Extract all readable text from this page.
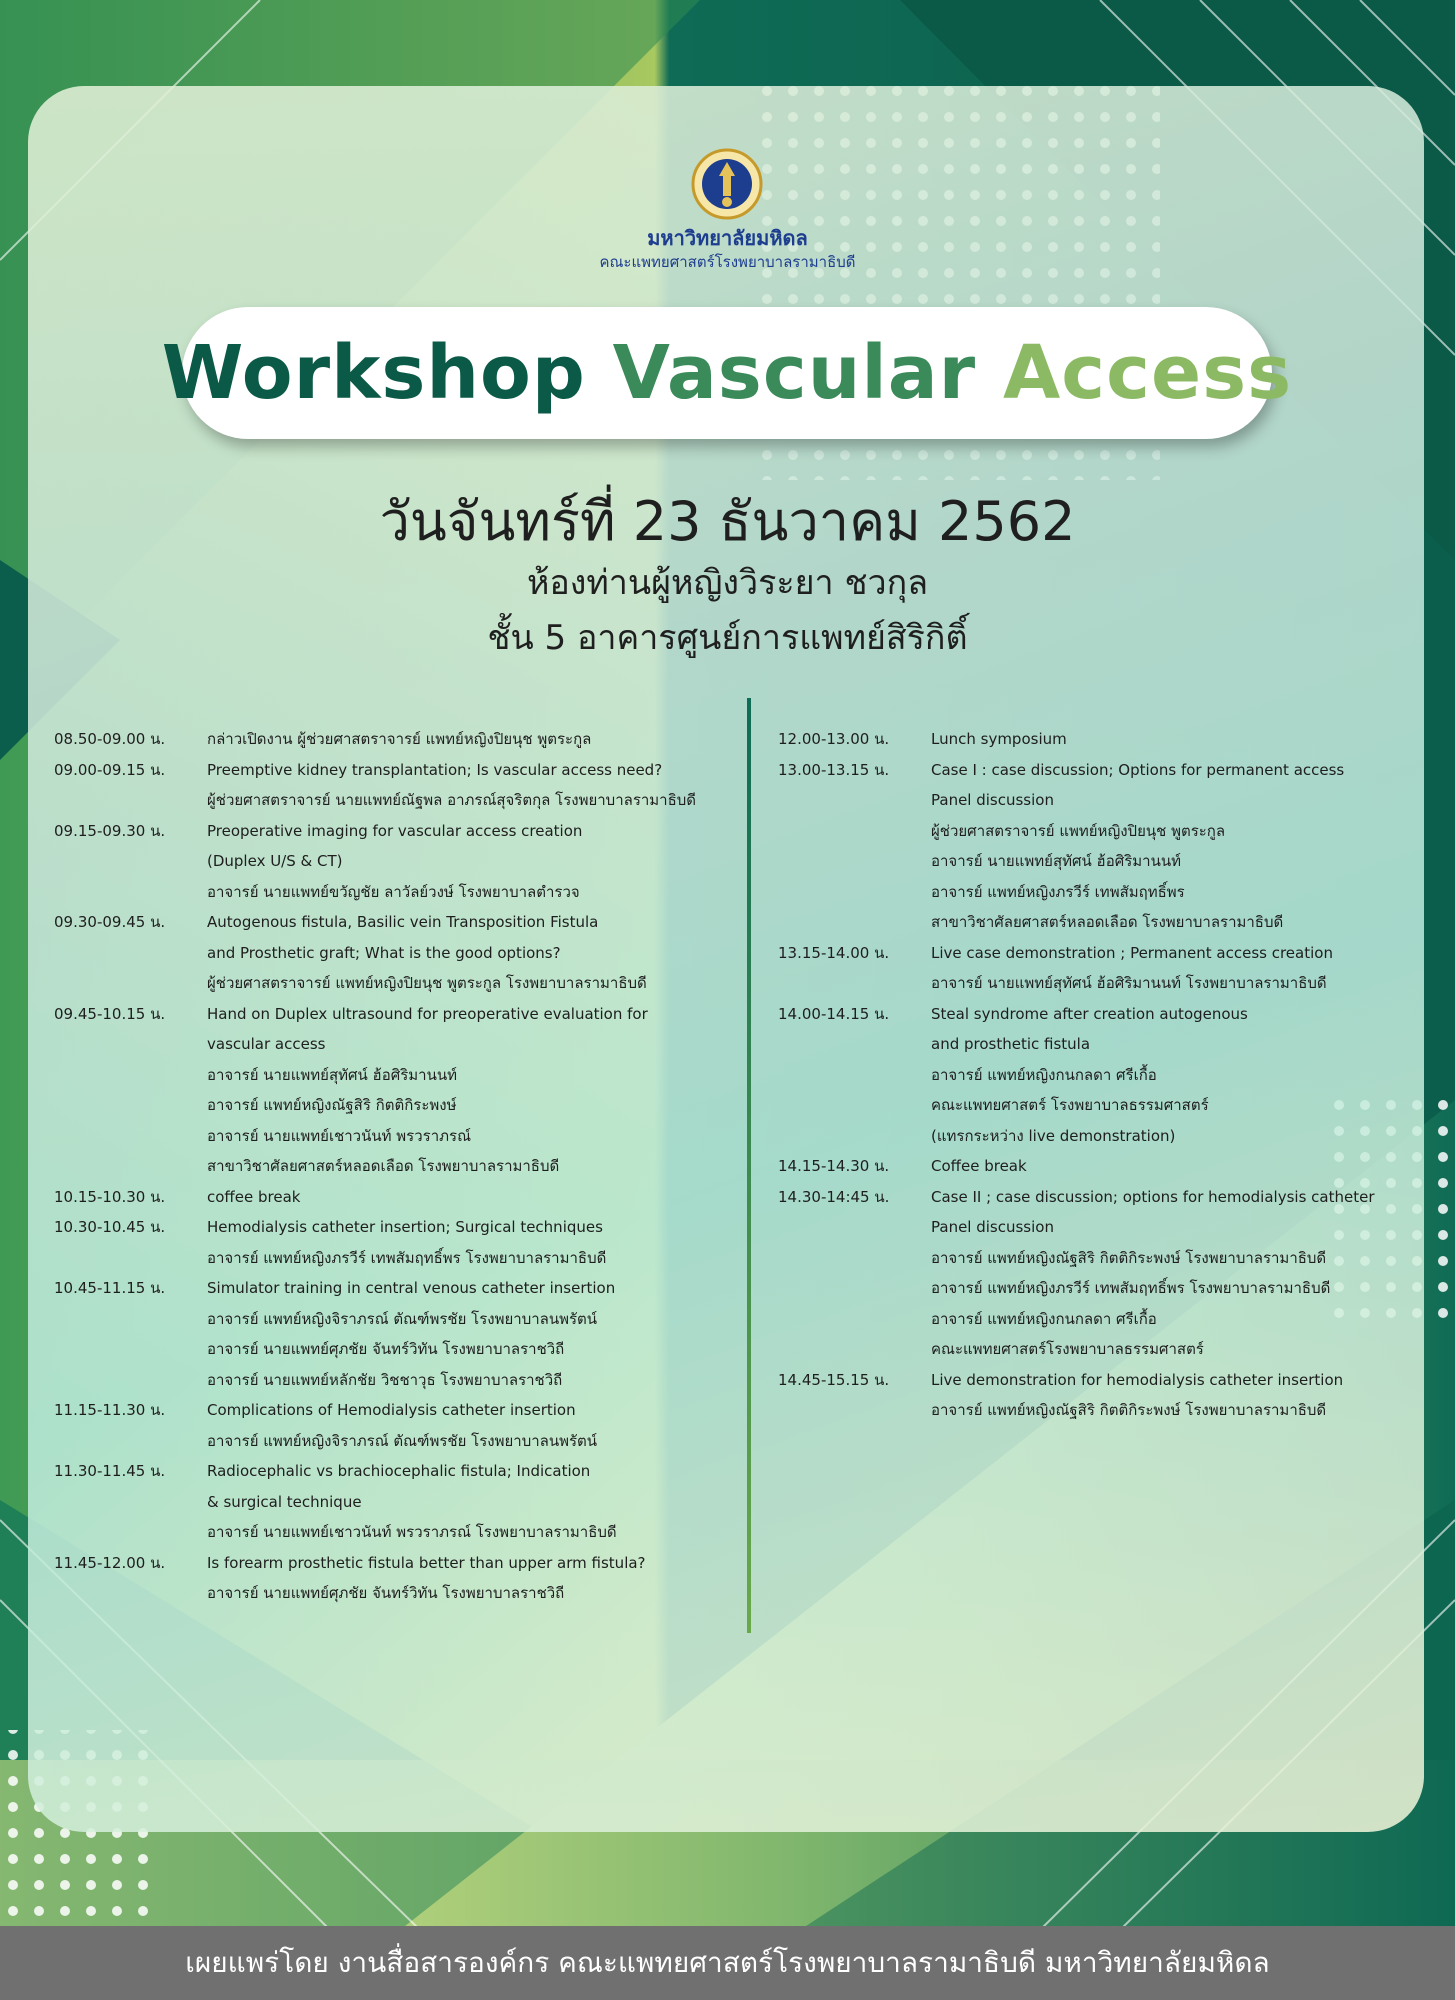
มหาวิทยาลัยมหิดล
คณะแพทยศาสตร์โรงพยาบาลรามาธิบดี
Workshop Vascular Access
วันจันทร์ที่ 23 ธันวาคม 2562
ห้องท่านผู้หญิงวิระยา ชวกุล
ชั้น 5 อาคารศูนย์การแพทย์สิริกิติ์
08.50-09.00 น.	กล่าวเปิดงาน ผู้ช่วยศาสตราจารย์ แพทย์หญิงปิยนุช พูตระกูล
09.00-09.15 น.	Preemptive kidney transplantation; Is vascular access need?
ผู้ช่วยศาสตราจารย์ นายแพทย์ณัฐพล อาภรณ์สุจริตกุล โรงพยาบาลรามาธิบดี
09.15-09.30 น.	Preoperative imaging for vascular access creation
(Duplex U/S & CT)
อาจารย์ นายแพทย์ขวัญชัย ลาวัลย์วงษ์ โรงพยาบาลตำรวจ
09.30-09.45 น.	Autogenous fistula, Basilic vein Transposition Fistula
and Prosthetic graft; What is the good options?
ผู้ช่วยศาสตราจารย์ แพทย์หญิงปิยนุช พูตระกูล โรงพยาบาลรามาธิบดี
09.45-10.15 น.	Hand on Duplex ultrasound for preoperative evaluation for
vascular access
อาจารย์ นายแพทย์สุทัศน์ ฮ้อศิริมานนท์
อาจารย์ แพทย์หญิงณัฐสิริ กิตติกิระพงษ์
อาจารย์ นายแพทย์เชาวนันท์ พรวราภรณ์
สาขาวิชาศัลยศาสตร์หลอดเลือด โรงพยาบาลรามาธิบดี
10.15-10.30 น.	coffee break
10.30-10.45 น.	Hemodialysis catheter insertion; Surgical techniques
อาจารย์ แพทย์หญิงภรวีร์ เทพสัมฤทธิ์พร โรงพยาบาลรามาธิบดี
10.45-11.15 น.	Simulator training in central venous catheter insertion
อาจารย์ แพทย์หญิงจิราภรณ์ ตัณฑ์พรชัย โรงพยาบาลนพรัตน์
อาจารย์ นายแพทย์ศุภชัย จันทร์วิทัน โรงพยาบาลราชวิถี
อาจารย์ นายแพทย์หลักชัย วิชชาวุธ โรงพยาบาลราชวิถี
11.15-11.30 น.	Complications of Hemodialysis catheter insertion
อาจารย์ แพทย์หญิงจิราภรณ์ ตัณฑ์พรชัย โรงพยาบาลนพรัตน์
11.30-11.45 น.	Radiocephalic vs brachiocephalic fistula; Indication
& surgical technique
อาจารย์ นายแพทย์เชาวนันท์ พรวราภรณ์ โรงพยาบาลรามาธิบดี
11.45-12.00 น.	Is forearm prosthetic fistula better than upper arm fistula?
อาจารย์ นายแพทย์ศุภชัย จันทร์วิทัน โรงพยาบาลราชวิถี
12.00-13.00 น.	Lunch symposium
13.00-13.15 น.	Case I : case discussion; Options for permanent access
Panel discussion
ผู้ช่วยศาสตราจารย์ แพทย์หญิงปิยนุช พูตระกูล
อาจารย์ นายแพทย์สุทัศน์ ฮ้อศิริมานนท์
อาจารย์ แพทย์หญิงภรวีร์ เทพสัมฤทธิ์พร
สาขาวิชาศัลยศาสตร์หลอดเลือด โรงพยาบาลรามาธิบดี
13.15-14.00 น.	Live case demonstration ; Permanent access creation
อาจารย์ นายแพทย์สุทัศน์ ฮ้อศิริมานนท์ โรงพยาบาลรามาธิบดี
14.00-14.15 น.	Steal syndrome after creation autogenous
and prosthetic fistula
อาจารย์ แพทย์หญิงกนกลดา ศรีเกื้อ
คณะแพทยศาสตร์ โรงพยาบาลธรรมศาสตร์
(แทรกระหว่าง live demonstration)
14.15-14.30 น.	Coffee break
14.30-14:45 น.	Case II ; case discussion; options for hemodialysis catheter
Panel discussion
อาจารย์ แพทย์หญิงณัฐสิริ กิตติกิระพงษ์ โรงพยาบาลรามาธิบดี
อาจารย์ แพทย์หญิงภรวีร์ เทพสัมฤทธิ์พร โรงพยาบาลรามาธิบดี
อาจารย์ แพทย์หญิงกนกลดา ศรีเกื้อ
คณะแพทยศาสตร์โรงพยาบาลธรรมศาสตร์
14.45-15.15 น.	Live demonstration for hemodialysis catheter insertion
อาจารย์ แพทย์หญิงณัฐสิริ กิตติกิระพงษ์ โรงพยาบาลรามาธิบดี
เผยแพร่โดย งานสื่อสารองค์กร คณะแพทยศาสตร์โรงพยาบาลรามาธิบดี มหาวิทยาลัยมหิดล
